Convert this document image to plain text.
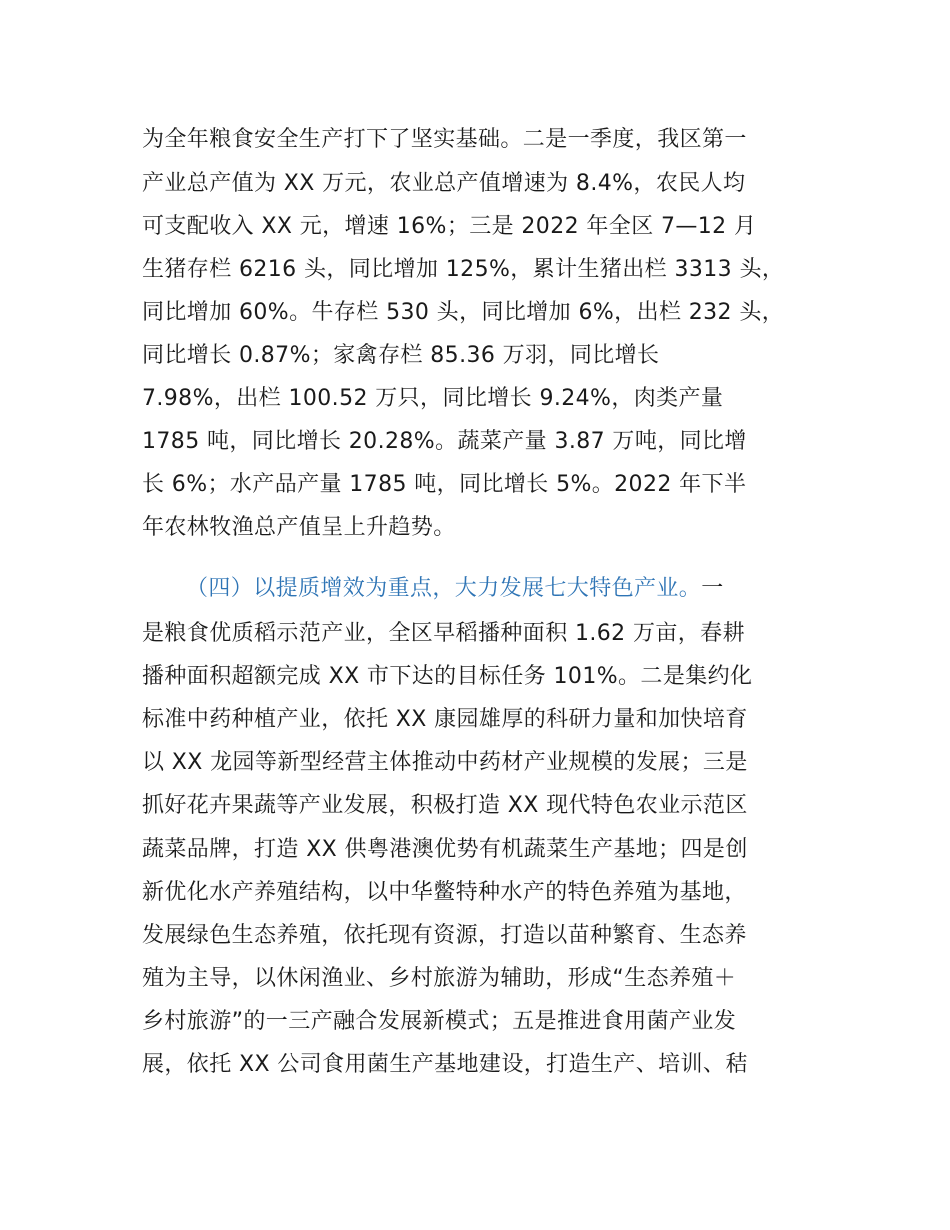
为全年粮食安全生产打下了坚实基础。二是一季度，我区第一
产业总产值为 XX 万元，农业总产值增速为 8.4%，农民人均
可支配收入 XX 元，增速 16%；三是 2022 年全区 7—12 月
生猪存栏 6216 头，同比增加 125%，累计生猪出栏 3313 头，
同比增加 60%。牛存栏 530 头，同比增加 6%，出栏 232 头，
同比增长 0.87%；家禽存栏 85.36 万羽，同比增长
7.98%，出栏 100.52 万只，同比增长 9.24%，肉类产量
1785 吨，同比增长 20.28%。蔬菜产量 3.87 万吨，同比增
长 6%；水产品产量 1785 吨，同比增长 5%。2022 年下半
年农林牧渔总产值呈上升趋势。
（四）以提质增效为重点，大力发展七大特色产业。一
是粮食优质稻示范产业，全区早稻播种面积 1.62 万亩，春耕
播种面积超额完成 XX 市下达的目标任务 101%。二是集约化
标准中药种植产业，依托 XX 康园雄厚的科研力量和加快培育
以 XX 龙园等新型经营主体推动中药材产业规模的发展；三是
抓好花卉果蔬等产业发展，积极打造 XX 现代特色农业示范区
蔬菜品牌，打造 XX 供粤港澳优势有机蔬菜生产基地；四是创
新优化水产养殖结构，以中华鳖特种水产的特色养殖为基地，
发展绿色生态养殖，依托现有资源，打造以苗种繁育、生态养
殖为主导，以休闲渔业、乡村旅游为辅助，形成“生态养殖＋
乡村旅游”的一三产融合发展新模式；五是推进食用菌产业发
展，依托 XX 公司食用菌生产基地建设，打造生产、培训、秸
